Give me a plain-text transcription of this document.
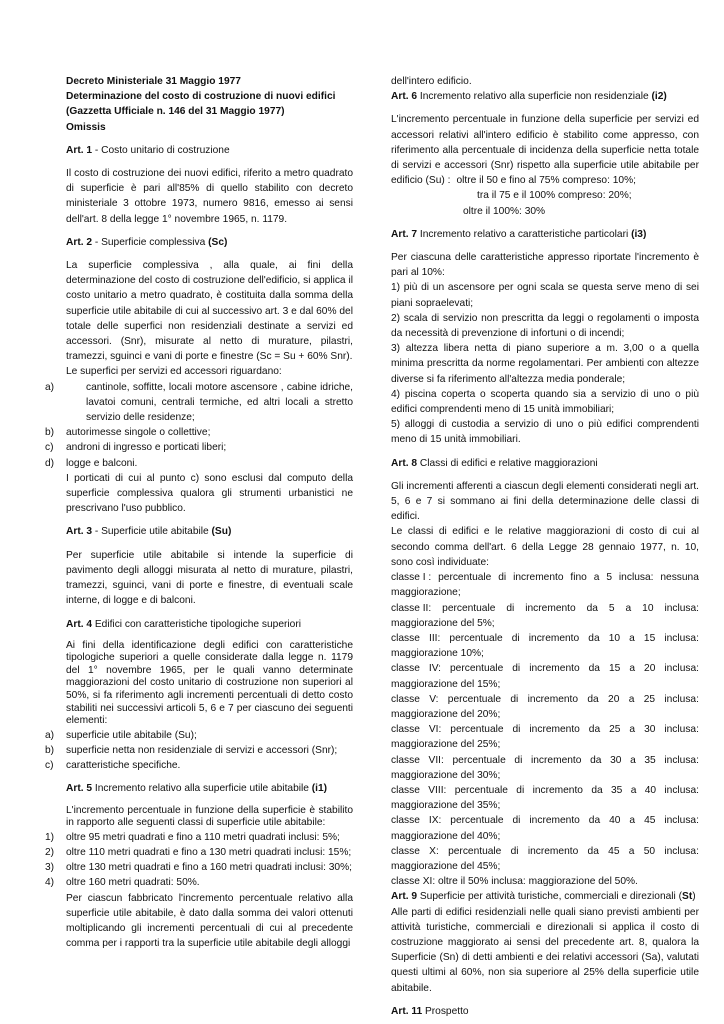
Decreto Ministeriale 31 Maggio 1977

Determinazione del costo di costruzione di nuovi edifici

(Gazzetta Ufficiale n. 146 del 31 Maggio 1977)

Omissis

Art. 1 - Costo unitario di costruzione

Il costo di costruzione dei nuovi edifici, riferito a metro quadrato di superficie è pari all'85% di quello stabilito con decreto ministeriale 3 ottobre 1973, numero 9816, emesso ai sensi dell'art. 8 della legge 1° novembre 1965, n. 1179.

Art. 2 - Superficie complessiva (Sc)

La superficie complessiva , alla quale, ai fini della determinazione del costo di costruzione dell'edificio, si applica il costo unitario a metro quadrato, è costituita dalla somma della superficie utile abitabile di cui al successivo art. 3 e dal 60% del totale delle superfici non residenziali destinate a servizi ed accessori. (Snr), misurate al netto di murature, pilastri, tramezzi, sguinci e vani di porte e finestre (Sc = Su + 60% Snr).

Le superfici per servizi ed accessori riguardano:

a)	cantinole, soffitte, locali motore ascensore , cabine idriche, lavatoi comuni, centrali termiche, ed altri locali a stretto servizio delle residenze;
b) autorimesse singole o collettive;
c) androni di ingresso e porticati liberi;
d) logge e balconi.

I porticati di cui al punto c) sono esclusi dal computo della superficie complessiva qualora gli strumenti urbanistici ne prescrivano l'uso pubblico.

Art. 3 - Superficie utile abitabile (Su)

Per superficie utile abitabile si intende la superficie di pavimento degli alloggi misurata al netto di murature, pilastri, tramezzi, sguinci, vani di porte e finestre, di eventuali scale interne, di logge e di balconi.

Art. 4 Edifici con caratteristiche tipologiche superiori

Ai fini della identificazione degli edifici con caratteristiche tipologiche superiori a quelle considerate dalla legge n. 1179 del 1° novembre 1965, per le quali vanno determinate maggiorazioni del costo unitario di costruzione non superiori al 50%, si fa riferimento agli incrementi percentuali di detto costo stabiliti nei successivi articoli 5, 6 e 7 per ciascuno dei seguenti elementi:

a) superficie utile abitabile (Su);
b) superficie netta non residenziale di servizi e accessori (Snr);
c) caratteristiche specifiche.

Art. 5 Incremento relativo alla superficie utile abitabile (i1)

L'incremento percentuale in funzione della superficie è stabilito in rapporto alle seguenti classi di superficie utile abitabile:

1) oltre 95 metri quadrati e fino a 110 metri quadrati inclusi: 5%;
2) oltre 110 metri quadrati e fino a 130 metri quadrati inclusi: 15%;
3) oltre 130 metri quadrati e fino a 160 metri quadrati inclusi: 30%;
4) oltre 160 metri quadrati: 50%.

Per ciascun fabbricato l'incremento percentuale relativo alla superficie utile abitabile, è dato dalla somma dei valori ottenuti moltiplicando gli incrementi percentuali di cui al precedente comma per i rapporti tra la superficie utile abitabile degli alloggi

dell'intero edificio.

Art. 6 Incremento relativo alla superficie non residenziale (i2)

L'incremento percentuale in funzione della superficie per servizi ed accessori relativi all'intero edificio è stabilito come appresso, con riferimento alla percentuale di incidenza della superficie netta totale di servizi e accessori (Snr) rispetto alla superficie utile abitabile per edificio (Su) : oltre il 50 e fino al 75% compreso: 10%;

tra il 75 e il 100% compreso: 20%;

oltre il 100%: 30%

Art. 7 Incremento relativo a caratteristiche particolari (i3)

Per ciascuna delle caratteristiche appresso riportate l'incremento è pari al 10%:

1) più di un ascensore per ogni scala se questa serve meno di sei piani sopraelevati;

2) scala di servizio non prescritta da leggi o regolamenti o imposta da necessità di prevenzione di infortuni o di incendi;

3) altezza libera netta di piano superiore a m. 3,00 o a quella minima prescritta da norme regolamentari. Per ambienti con altezze diverse si fa riferimento all'altezza media ponderale;

4) piscina coperta o scoperta quando sia a servizio di uno o più edifici comprendenti meno di 15 unità immobiliari;

5) alloggi di custodia a servizio di uno o più edifici comprendenti meno di 15 unità immobiliari.

Art. 8 Classi di edifici e relative maggiorazioni

Gli incrementi afferenti a ciascun degli elementi considerati negli art. 5, 6 e 7 si sommano ai fini della determinazione delle classi di edifici.

Le classi di edifici e le relative maggiorazioni di costo di cui al secondo comma dell'art. 6 della Legge 28 gennaio 1977, n. 10, sono così individuate:

classe I : percentuale di incremento fino a 5 inclusa: nessuna

maggiorazione;

classe II: percentuale di incremento da 5 a 10 inclusa:

maggiorazione del 5%;

classe III: percentuale di incremento da 10 a 15 inclusa:

maggiorazione 10%;

classe IV: percentuale di incremento da 15 a 20 inclusa:

maggiorazione del 15%;

classe V: percentuale di incremento da 20 a 25 inclusa:

maggiorazione del 20%;

classe VI: percentuale di incremento da 25 a 30 inclusa:

maggiorazione del 25%;

classe VII: percentuale di incremento da 30 a 35 inclusa:

maggiorazione del 30%;

classe VIII: percentuale di incremento da 35 a 40 inclusa:

maggiorazione del 35%;

classe IX: percentuale di incremento da 40 a 45 inclusa:

maggiorazione del 40%;

classe X: percentuale di incremento da 45 a 50 inclusa:

maggiorazione del 45%;

classe XI: oltre il 50% inclusa: maggiorazione del 50%.

Art. 9 Superficie per attività turistiche, commerciali e direzionali (St)

Alle parti di edifici residenziali nelle quali siano previsti ambienti per attività turistiche, commerciali e direzionali si applica il costo di costruzione maggiorato ai sensi del precedente art. 8, qualora la Superficie (Sn) di detti ambienti e dei relativi accessori (Sa), valutati questi ultimi al 60%, non sia superiore al 25% della superficie utile abitabile.

Art. 11 Prospetto
